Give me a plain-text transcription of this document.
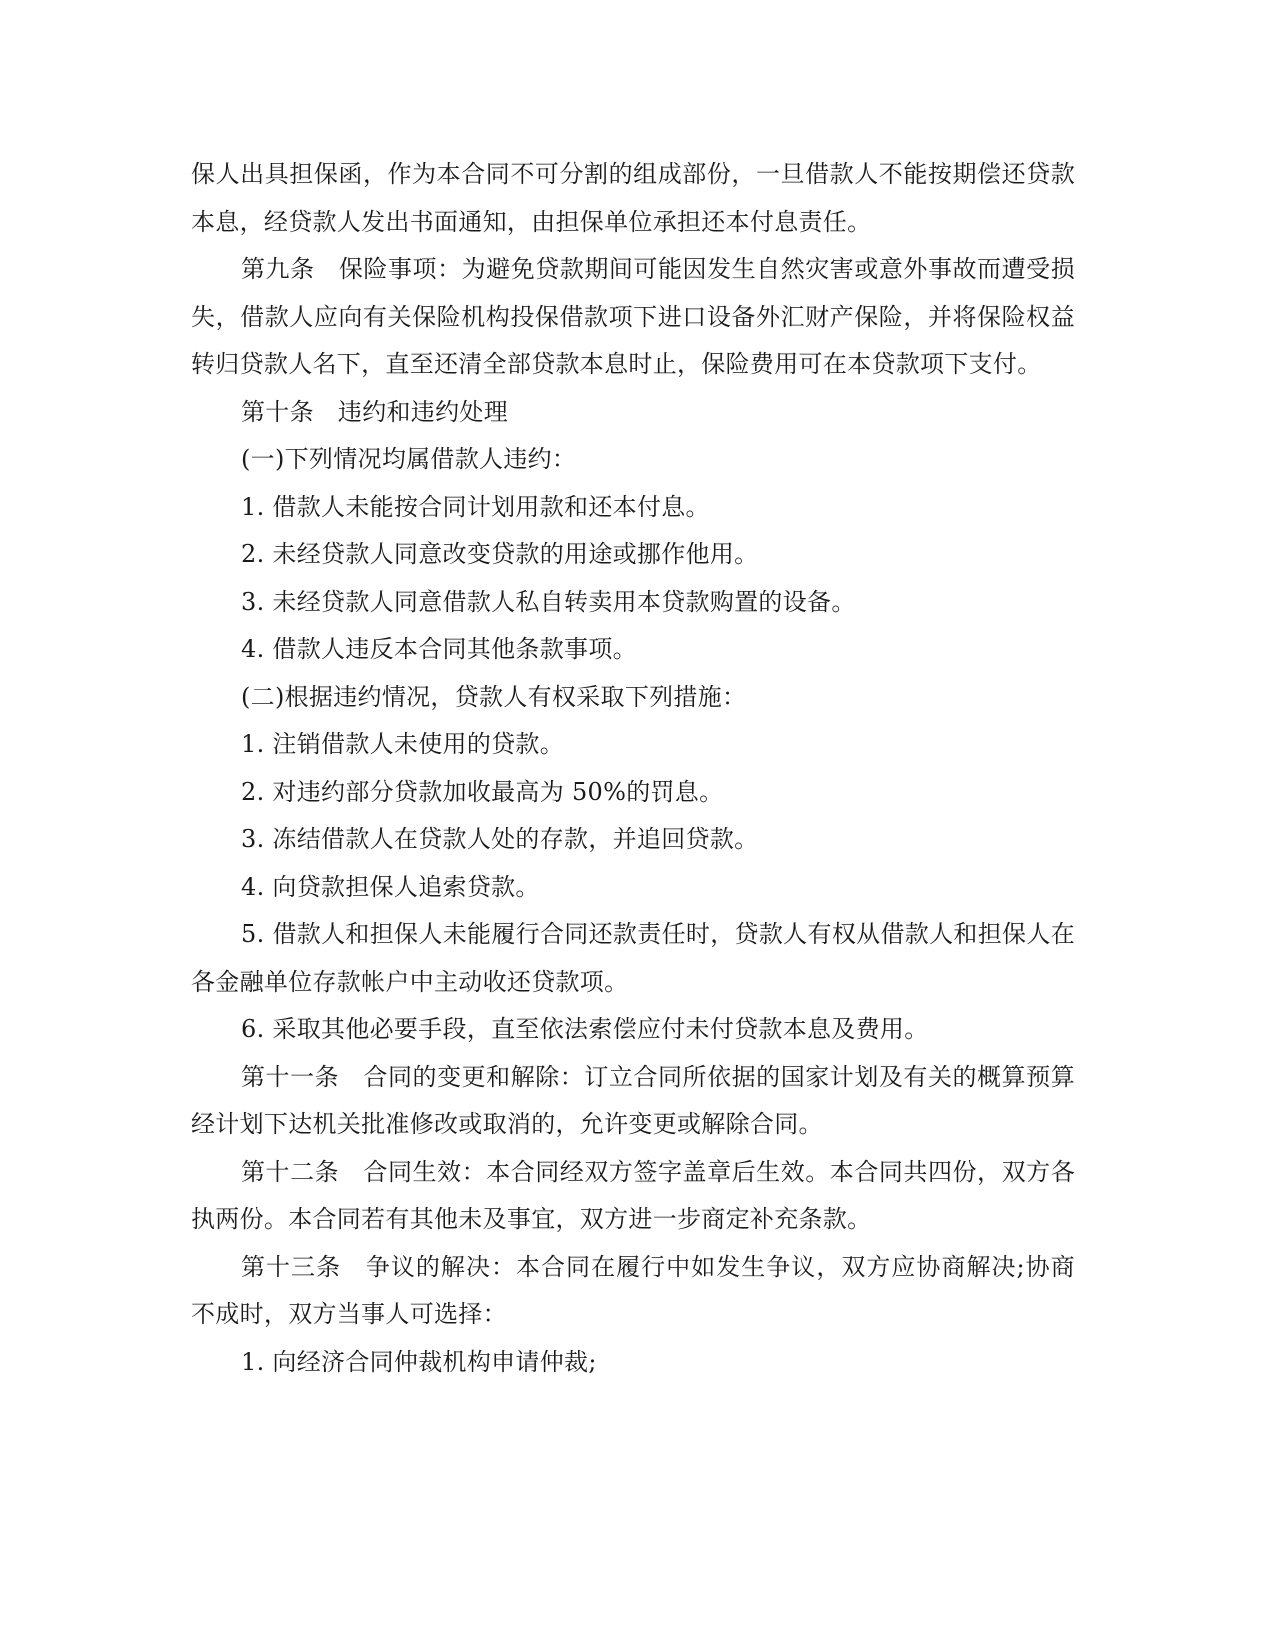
保人出具担保函，作为本合同不可分割的组成部份，一旦借款人不能按期偿还贷款本息，经贷款人发出书面通知，由担保单位承担还本付息责任。

第九条 保险事项：为避免贷款期间可能因发生自然灾害或意外事故而遭受损失，借款人应向有关保险机构投保借款项下进口设备外汇财产保险，并将保险权益转归贷款人名下，直至还清全部贷款本息时止，保险费用可在本贷款项下支付。

第十条 违约和违约处理

(一)下列情况均属借款人违约：

1. 借款人未能按合同计划用款和还本付息。

2. 未经贷款人同意改变贷款的用途或挪作他用。

3. 未经贷款人同意借款人私自转卖用本贷款购置的设备。

4. 借款人违反本合同其他条款事项。

(二)根据违约情况，贷款人有权采取下列措施：

1. 注销借款人未使用的贷款。

2. 对违约部分贷款加收最高为 50%的罚息。

3. 冻结借款人在贷款人处的存款，并追回贷款。

4. 向贷款担保人追索贷款。

5. 借款人和担保人未能履行合同还款责任时，贷款人有权从借款人和担保人在各金融单位存款帐户中主动收还贷款项。

6. 采取其他必要手段，直至依法索偿应付未付贷款本息及费用。

第十一条 合同的变更和解除：订立合同所依据的国家计划及有关的概算预算经计划下达机关批准修改或取消的，允许变更或解除合同。

第十二条 合同生效：本合同经双方签字盖章后生效。本合同共四份，双方各执两份。本合同若有其他未及事宜，双方进一步商定补充条款。

第十三条 争议的解决：本合同在履行中如发生争议，双方应协商解决;协商不成时，双方当事人可选择：

1. 向经济合同仲裁机构申请仲裁;
